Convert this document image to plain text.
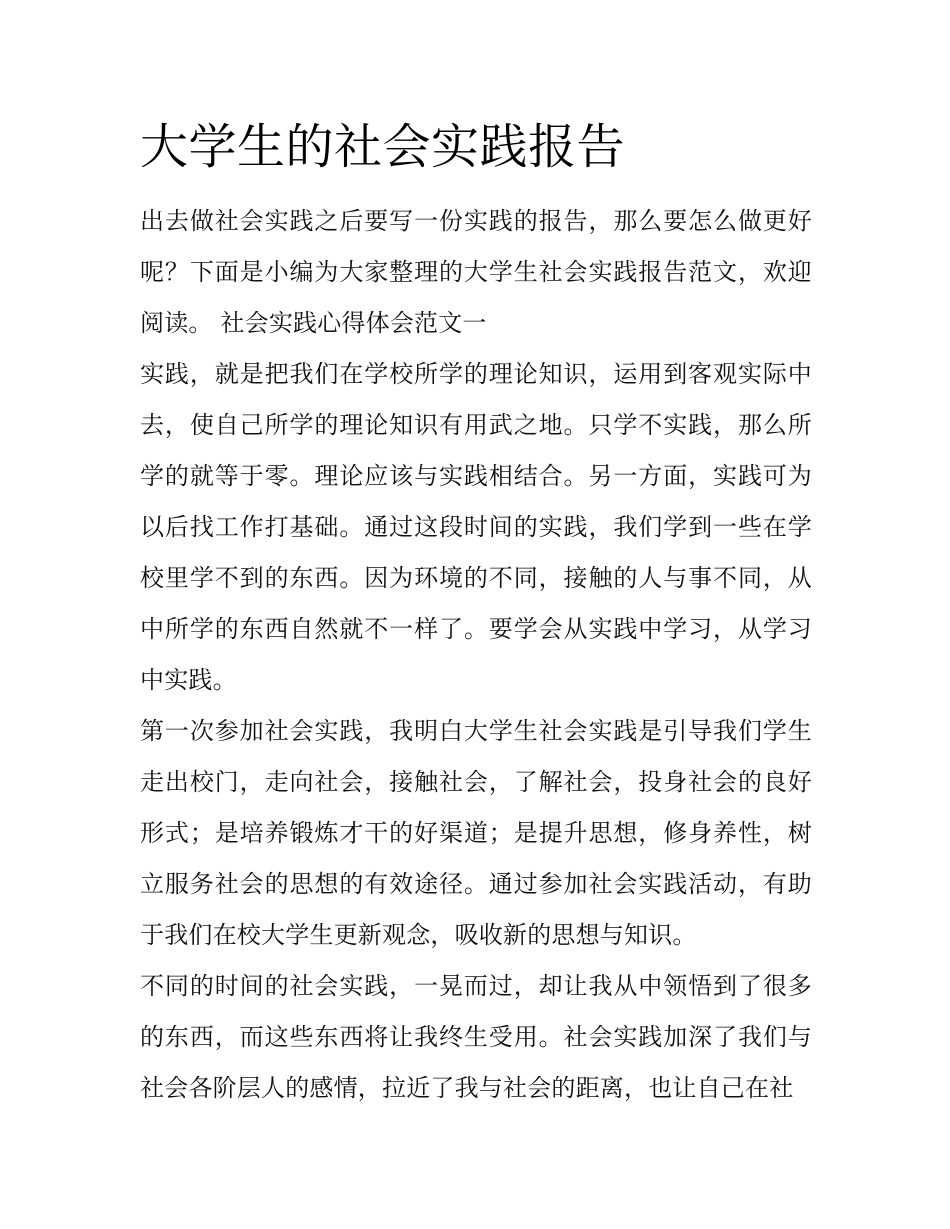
大学生的社会实践报告

出去做社会实践之后要写一份实践的报告，那么要怎么做更好呢？下面是小编为大家整理的大学生社会实践报告范文，欢迎阅读。 社会实践心得体会范文一

实践，就是把我们在学校所学的理论知识，运用到客观实际中去，使自己所学的理论知识有用武之地。只学不实践，那么所学的就等于零。理论应该与实践相结合。另一方面，实践可为以后找工作打基础。通过这段时间的实践，我们学到一些在学校里学不到的东西。因为环境的不同，接触的人与事不同，从中所学的东西自然就不一样了。要学会从实践中学习，从学习中实践。

第一次参加社会实践，我明白大学生社会实践是引导我们学生走出校门，走向社会，接触社会，了解社会，投身社会的良好形式；是培养锻炼才干的好渠道；是提升思想，修身养性，树立服务社会的思想的有效途径。通过参加社会实践活动，有助于我们在校大学生更新观念，吸收新的思想与知识。

不同的时间的社会实践，一晃而过，却让我从中领悟到了很多的东西，而这些东西将让我终生受用。社会实践加深了我们与社会各阶层人的感情，拉近了我与社会的距离，也让自己在社
